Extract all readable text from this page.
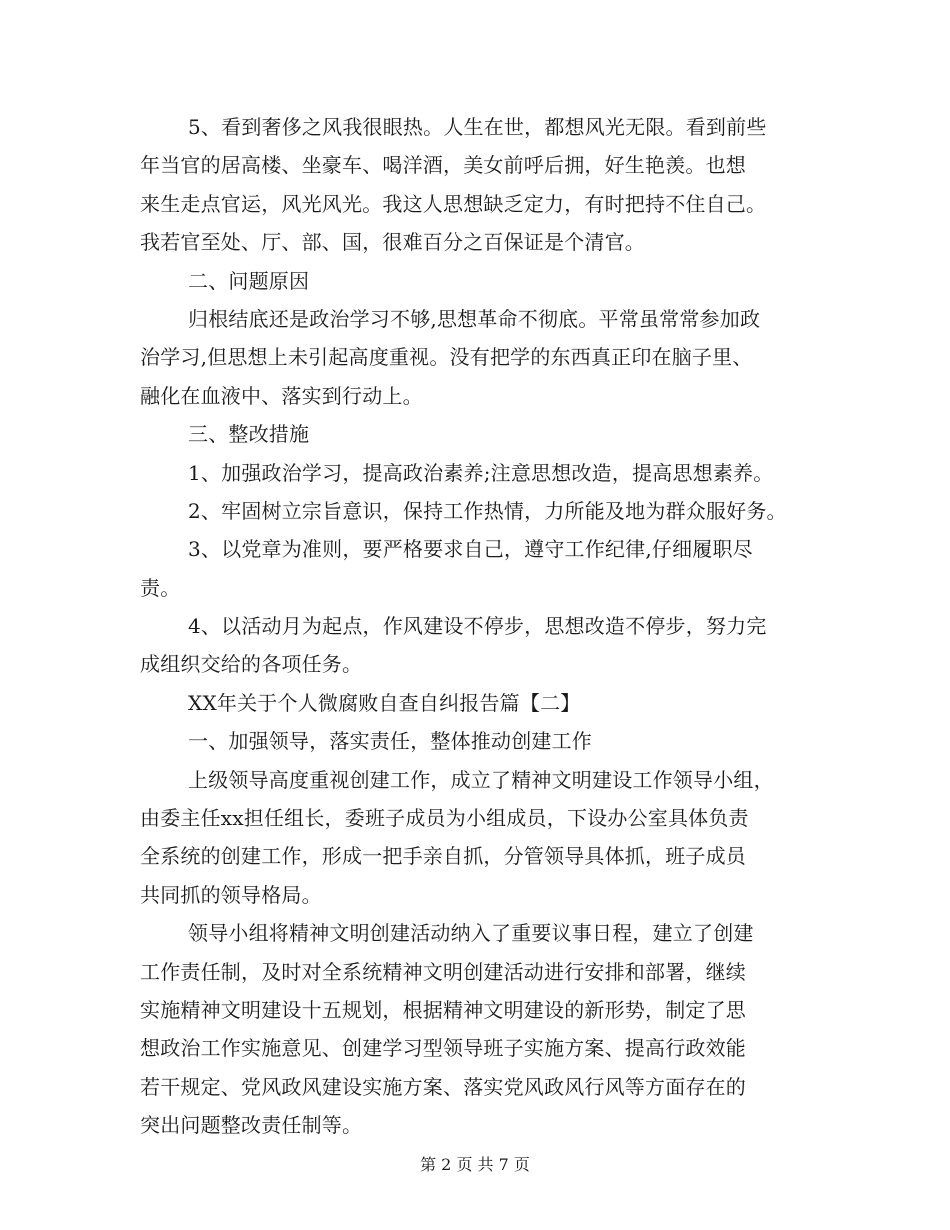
5、看到奢侈之风我很眼热。人生在世，都想风光无限。看到前些
年当官的居高楼、坐豪车、喝洋酒，美女前呼后拥，好生艳羡。也想
来生走点官运，风光风光。我这人思想缺乏定力，有时把持不住自己。
我若官至处、厅、部、国，很难百分之百保证是个清官。
二、问题原因
归根结底还是政治学习不够,思想革命不彻底。平常虽常常参加政
治学习,但思想上未引起高度重视。没有把学的东西真正印在脑子里、
融化在血液中、落实到行动上。
三、整改措施
1、加强政治学习，提高政治素养;注意思想改造，提高思想素养。
2、牢固树立宗旨意识，保持工作热情，力所能及地为群众服好务。
3、以党章为准则，要严格要求自己，遵守工作纪律,仔细履职尽
责。
4、以活动月为起点，作风建设不停步，思想改造不停步，努力完
成组织交给的各项任务。
XX年关于个人微腐败自查自纠报告篇【二】
一、加强领导，落实责任，整体推动创建工作
上级领导高度重视创建工作，成立了精神文明建设工作领导小组，
由委主任xx担任组长，委班子成员为小组成员，下设办公室具体负责
全系统的创建工作，形成一把手亲自抓，分管领导具体抓，班子成员
共同抓的领导格局。
领导小组将精神文明创建活动纳入了重要议事日程，建立了创建
工作责任制，及时对全系统精神文明创建活动进行安排和部署，继续
实施精神文明建设十五规划，根据精神文明建设的新形势，制定了思
想政治工作实施意见、创建学习型领导班子实施方案、提高行政效能
若干规定、党风政风建设实施方案、落实党风政风行风等方面存在的
突出问题整改责任制等。
第 2 页 共 7 页
